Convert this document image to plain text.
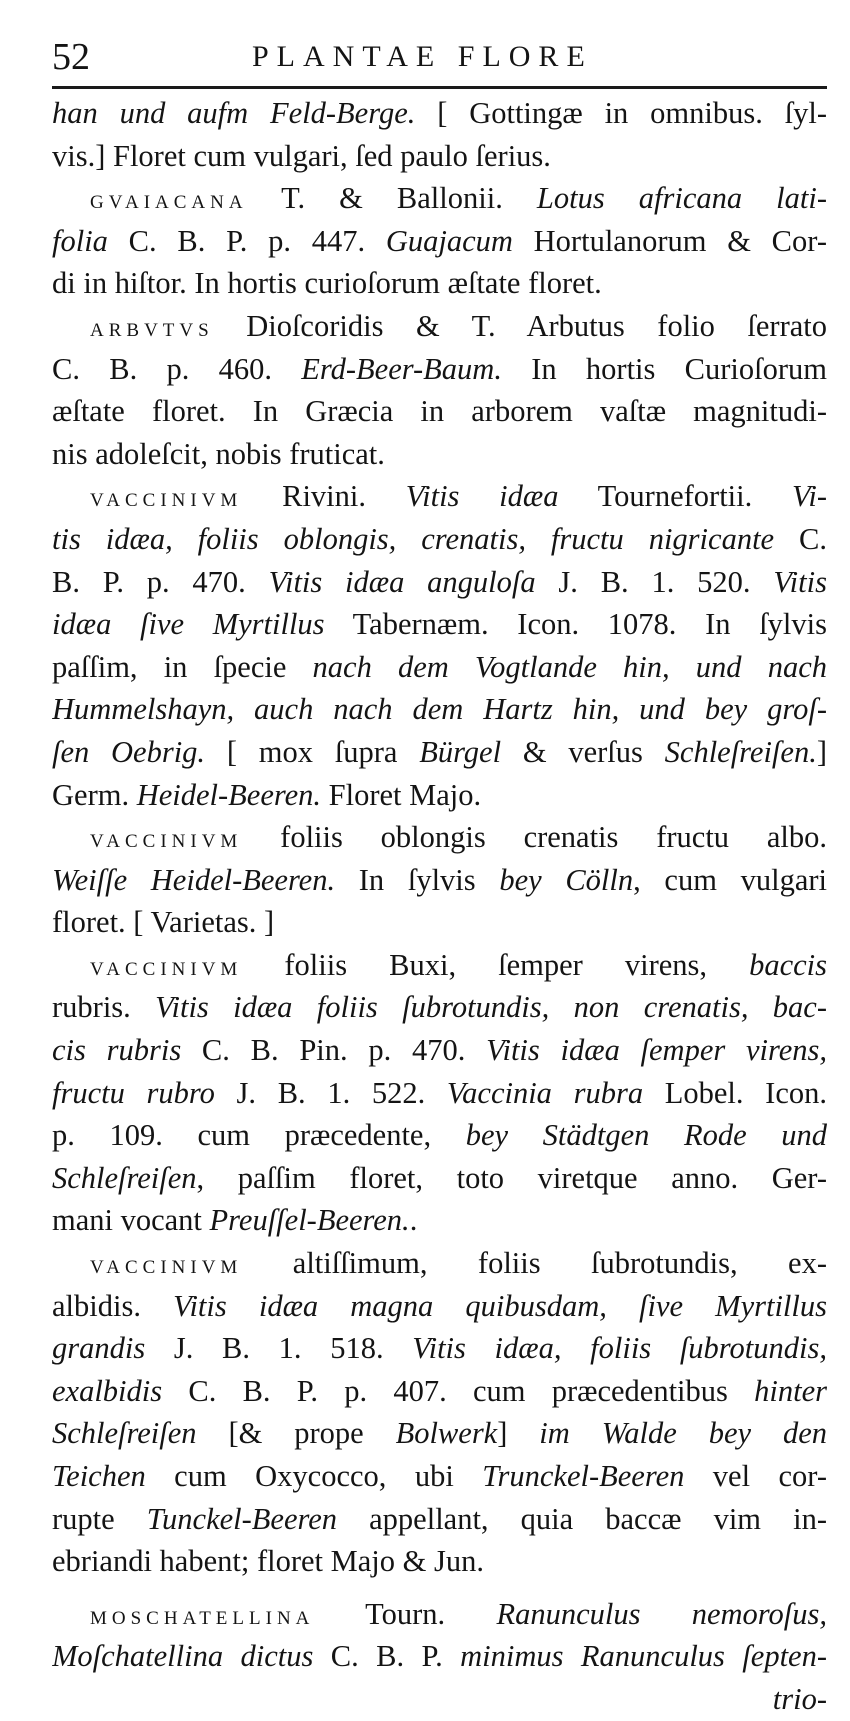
52	PLANTAE FLORE
han und aufm Feld-Berge. [ Gottingæ in omnibus. ſyl-
vis.] Floret cum vulgari, ſed paulo ſerius.
GVAIACANA T. & Ballonii. Lotus africana lati-
folia C. B. P. p. 447. Guajacum Hortulanorum & Cor-
di in hiſtor. In hortis curioſorum æſtate floret.
ARBVTVS Dioſcoridis & T. Arbutus folio ſerrato
C. B. p. 460. Erd-Beer-Baum. In hortis Curioſorum
æſtate floret. In Græcia in arborem vaſtæ magnitudi-
nis adoleſcit, nobis fruticat.
VACCINIVM Rivini. Vitis idæa Tournefortii. Vi-
tis idæa, foliis oblongis, crenatis, fructu nigricante C.
B. P. p. 470. Vitis idæa anguloſa J. B. 1. 520. Vitis
idæa ſive Myrtillus Tabernæm. Icon. 1078. In ſylvis
paſſim, in ſpecie nach dem Vogtlande hin, und nach
Hummelshayn, auch nach dem Hartz hin, und bey groſ-
ſen Oebrig. [ mox ſupra Bürgel & verſus Schleſreiſen.]
Germ. Heidel-Beeren. Floret Majo.
VACCINIVM foliis oblongis crenatis fructu albo.
Weiſſe Heidel-Beeren. In ſylvis bey Cölln, cum vulgari
floret. [ Varietas. ]
VACCINIVM foliis Buxi, ſemper virens, baccis
rubris. Vitis idæa foliis ſubrotundis, non crenatis, bac-
cis rubris C. B. Pin. p. 470. Vitis idæa ſemper virens,
fructu rubro J. B. 1. 522. Vaccinia rubra Lobel. Icon.
p. 109. cum præcedente, bey Städtgen Rode und
Schleſreiſen, paſſim floret, toto viretque anno. Ger-
mani vocant Preuſſel-Beeren..
VACCINIVM altiſſimum, foliis ſubrotundis, ex-
albidis. Vitis idæa magna quibusdam, ſive Myrtillus
grandis J. B. 1. 518. Vitis idæa, foliis ſubrotundis,
exalbidis C. B. P. p. 407. cum præcedentibus hinter
Schleſreiſen [& prope Bolwerk] im Walde bey den
Teichen cum Oxycocco, ubi Trunckel-Beeren vel cor-
rupte Tunckel-Beeren appellant, quia baccæ vim in-
ebriandi habent; floret Majo & Jun.
MOSCHATELLINA Tourn. Ranunculus nemoroſus,
Moſchatellina dictus C. B. P. minimus Ranunculus ſepten-
trio-
